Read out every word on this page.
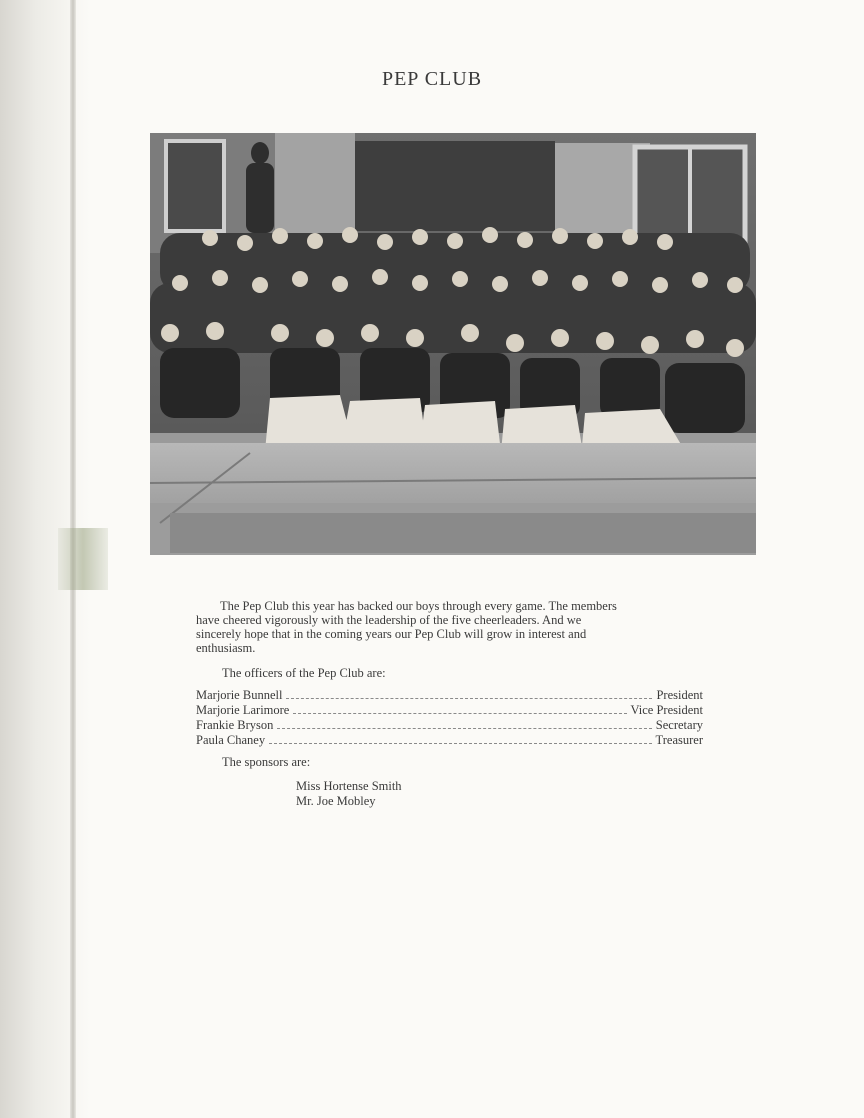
PEP CLUB
The Pep Club this year has backed our boys through every game. The members
have cheered vigorously with the leadership of the five cheerleaders. And we
sincerely hope that in the coming years our Pep Club will grow in interest and
enthusiasm.
The officers of the Pep Club are:
Marjorie Bunnell	President
Marjorie Larimore	Vice President
Frankie Bryson	Secretary
Paula Chaney	Treasurer
The sponsors are:
Miss Hortense Smith
Mr. Joe Mobley
